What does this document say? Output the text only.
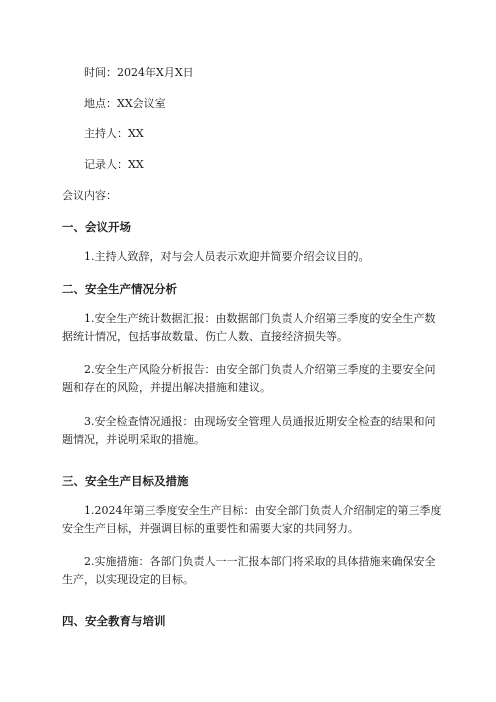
时间：2024年X月X日
地点：XX会议室
主持人：XX
记录人：XX
会议内容：
一、会议开场
1.主持人致辞，对与会人员表示欢迎并简要介绍会议目的。
二、安全生产情况分析
1.安全生产统计数据汇报：由数据部门负责人介绍第三季度的安全生产数据统计情况，包括事故数量、伤亡人数、直接经济损失等。
2.安全生产风险分析报告：由安全部门负责人介绍第三季度的主要安全问题和存在的风险，并提出解决措施和建议。
3.安全检查情况通报：由现场安全管理人员通报近期安全检查的结果和问题情况，并说明采取的措施。
三、安全生产目标及措施
1.2024年第三季度安全生产目标：由安全部门负责人介绍制定的第三季度安全生产目标，并强调目标的重要性和需要大家的共同努力。
2.实施措施：各部门负责人一一汇报本部门将采取的具体措施来确保安全生产，以实现设定的目标。
四、安全教育与培训
